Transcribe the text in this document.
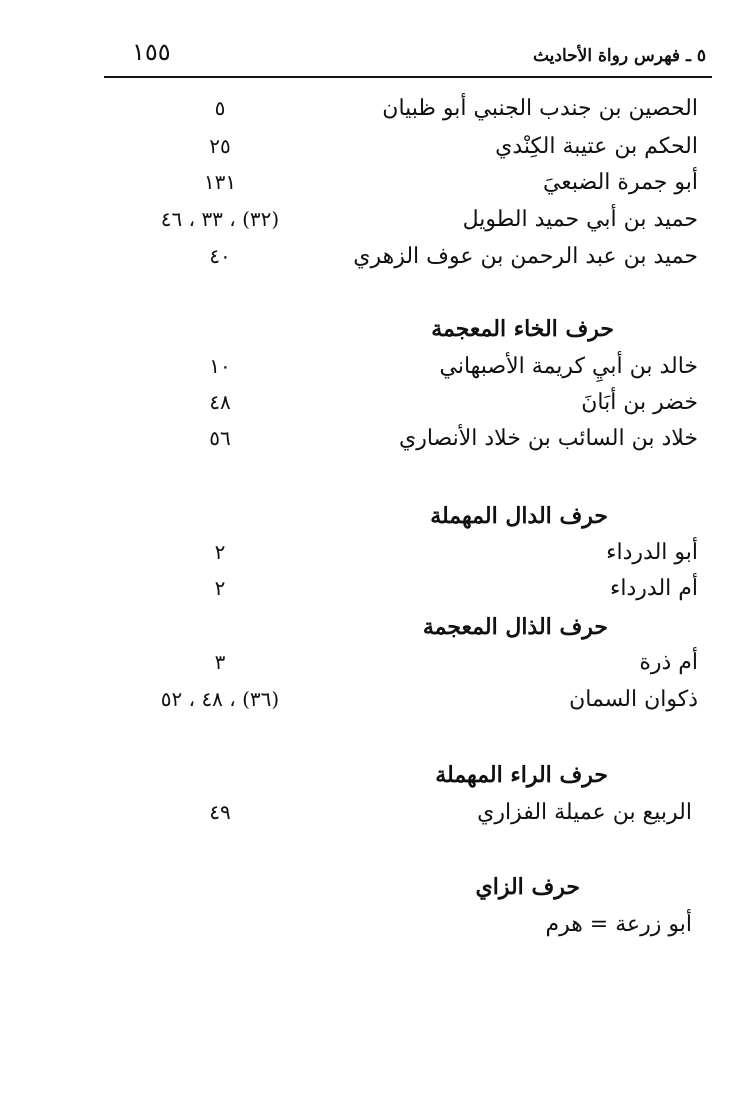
٥ ـ فهرس رواة الأحاديث
١٥٥
الحصين بن جندب الجنبي أبو ظبيان
٥
الحكم بن عتيبة الكِنْدي
٢٥
أبو جمرة الضبعيَ
١٣١
حميد بن أبي حميد الطويل
(٣٢) ، ٣٣ ، ٤٦
حميد بن عبد الرحمن بن عوف الزهري
٤٠
حرف الخاء المعجمة
خالد بن أبيِ كريمة الأصبهاني
١٠
خضر بن أبَانَ
٤٨
خلاد بن السائب بن خلاد الأنصاري
٥٦
حرف الدال المهملة
أبو الدرداء
٢
أم الدرداء
٢
حرف الذال المعجمة
أم ذرة
٣
ذكوان السمان
(٣٦) ، ٤٨ ، ٥٢
حرف الراء المهملة
الربيع بن عميلة الفزاري
٤٩
حرف الزاي
أبو زرعة = هرم
